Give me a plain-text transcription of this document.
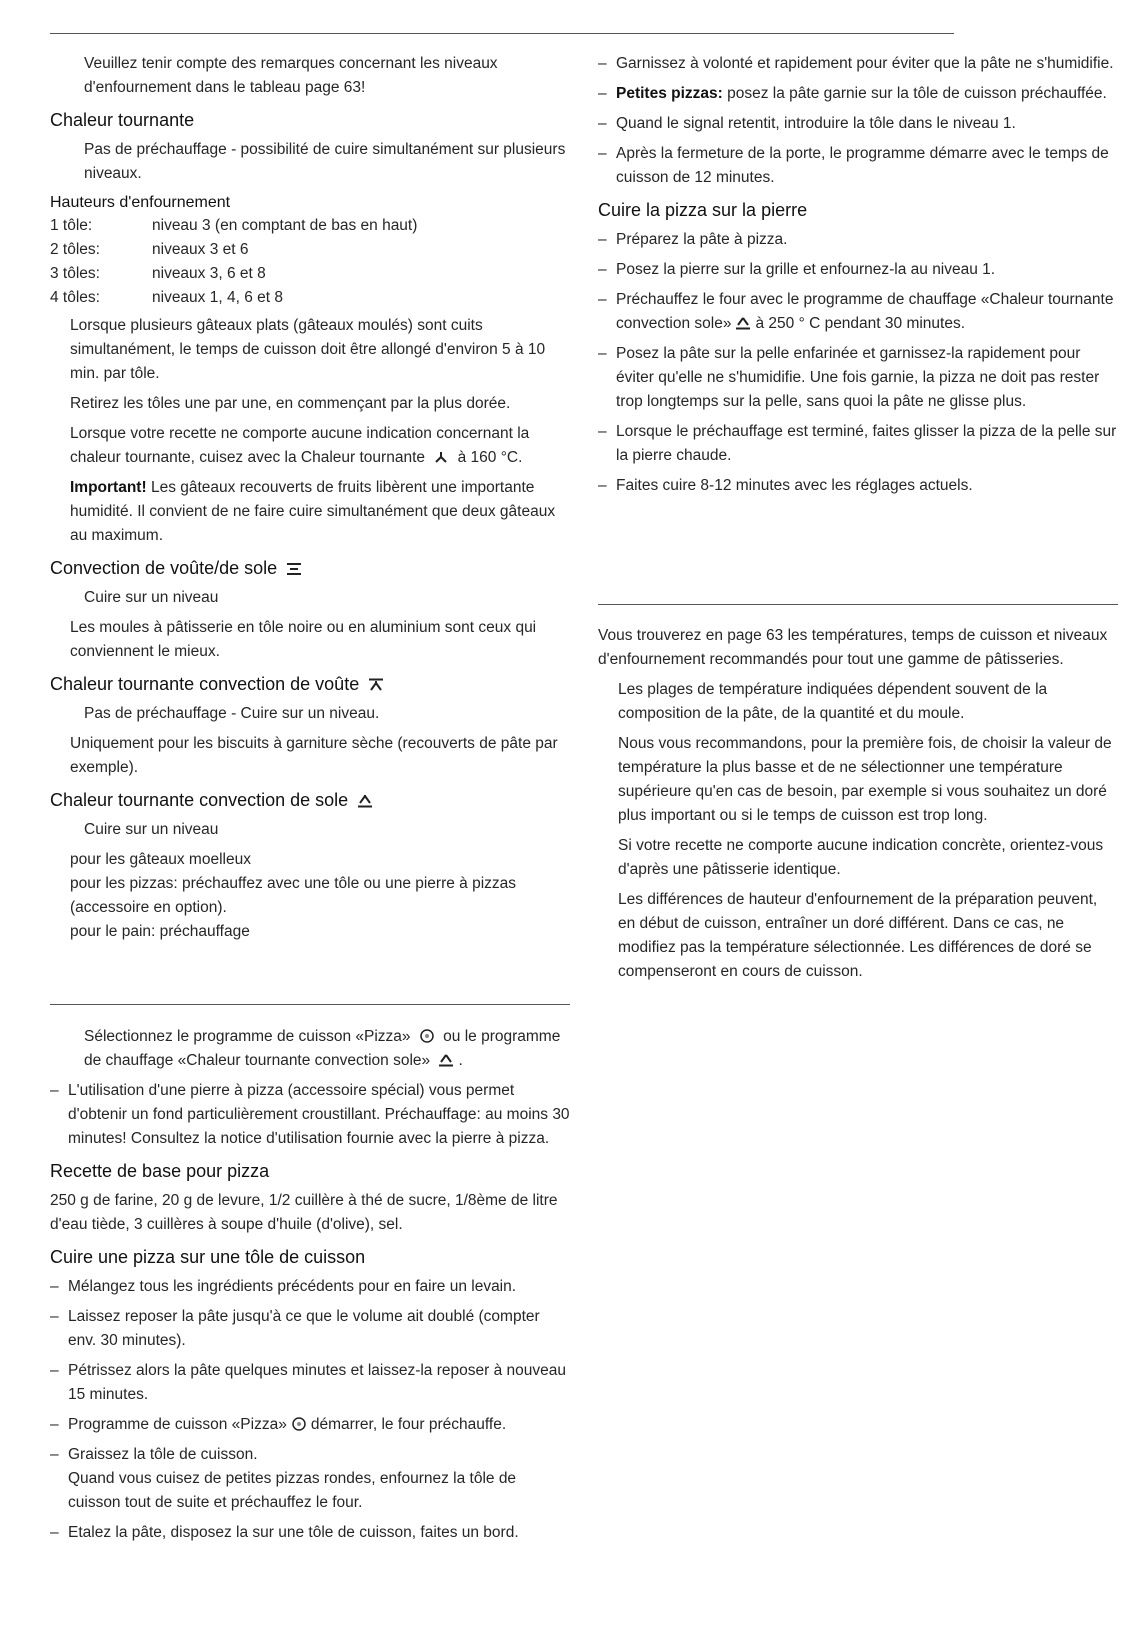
Veuillez tenir compte des remarques concernant les niveaux d'enfournement dans le tableau page 63!

Chaleur tournante

Pas de préchauffage - possibilité de cuire simultanément sur plusieurs niveaux.

Hauteurs d'enfournement
1 tôle:	niveau 3 (en comptant de bas en haut)
2 tôles:	niveaux 3 et 6
3 tôles:	niveaux 3, 6 et 8
4 tôles:	niveaux 1, 4, 6 et 8

Lorsque plusieurs gâteaux plats (gâteaux moulés) sont cuits simultanément, le temps de cuisson doit être allongé d'environ 5 à 10 min. par tôle.

Retirez les tôles une par une, en commençant par la plus dorée.

Lorsque votre recette ne comporte aucune indication concernant la chaleur tournante, cuisez avec la Chaleur tournante à 160 °C.

Important! Les gâteaux recouverts de fruits libèrent une importante humidité. Il convient de ne faire cuire simultanément que deux gâteaux au maximum.

Convection de voûte/de sole

Cuire sur un niveau

Les moules à pâtisserie en tôle noire ou en aluminium sont ceux qui conviennent le mieux.

Chaleur tournante convection de voûte

Pas de préchauffage - Cuire sur un niveau.

Uniquement pour les biscuits à garniture sèche (recouverts de pâte par exemple).

Chaleur tournante convection de sole

Cuire sur un niveau

pour les gâteaux moelleux

pour les pizzas: préchauffez avec une tôle ou une pierre à pizzas (accessoire en option).

pour le pain: préchauffage

Sélectionnez le programme de cuisson «Pizza» ou le programme de chauffage «Chaleur tournante convection sole» .

– L'utilisation d'une pierre à pizza (accessoire spécial) vous permet d'obtenir un fond particulièrement croustillant. Préchauffage: au moins 30 minutes! Consultez la notice d'utilisation fournie avec la pierre à pizza.
Recette de base pour pizza

250 g de farine, 20 g de levure, 1/2 cuillère à thé de sucre, 1/8ème de litre d'eau tiède, 3 cuillères à soupe d'huile (d'olive), sel.

Cuire une pizza sur une tôle de cuisson
– Mélangez tous les ingrédients précédents pour en faire un levain.
– Laissez reposer la pâte jusqu'à ce que le volume ait doublé (compter env. 30 minutes).
– Pétrissez alors la pâte quelques minutes et laissez-la reposer à nouveau 15 minutes.
– Programme de cuisson «Pizza» démarrer, le four préchauffe.
– Graissez la tôle de cuisson.
Quand vous cuisez de petites pizzas rondes, enfournez la tôle de cuisson tout de suite et préchauffez le four.
– Etalez la pâte, disposez la sur une tôle de cuisson, faites un bord.
– Garnissez à volonté et rapidement pour éviter que la pâte ne s'humidifie.
– Petites pizzas: posez la pâte garnie sur la tôle de cuisson préchauffée.
– Quand le signal retentit, introduire la tôle dans le niveau 1.
– Après la fermeture de la porte, le programme démarre avec le temps de cuisson de 12 minutes.
Cuire la pizza sur la pierre
– Préparez la pâte à pizza.
– Posez la pierre sur la grille et enfournez-la au niveau 1.
– Préchauffez le four avec le programme de chauffage «Chaleur tournante convection sole» à 250 ° C pendant 30 minutes.
– Posez la pâte sur la pelle enfarinée et garnissez-la rapidement pour éviter qu'elle ne s'humidifie. Une fois garnie, la pizza ne doit pas rester trop longtemps sur la pelle, sans quoi la pâte ne glisse plus.
– Lorsque le préchauffage est terminé, faites glisser la pizza de la pelle sur la pierre chaude.
– Faites cuire 8-12 minutes avec les réglages actuels.

Vous trouverez en page 63 les températures, temps de cuisson et niveaux d'enfournement recommandés pour tout une gamme de pâtisseries.

Les plages de température indiquées dépendent souvent de la composition de la pâte, de la quantité et du moule.

Nous vous recommandons, pour la première fois, de choisir la valeur de température la plus basse et de ne sélectionner une température supérieure qu'en cas de besoin, par exemple si vous souhaitez un doré plus important ou si le temps de cuisson est trop long.

Si votre recette ne comporte aucune indication concrète, orientez-vous d'après une pâtisserie identique.

Les différences de hauteur d'enfournement de la préparation peuvent, en début de cuisson, entraîner un doré différent. Dans ce cas, ne modifiez pas la température sélectionnée. Les différences de doré se compenseront en cours de cuisson.
